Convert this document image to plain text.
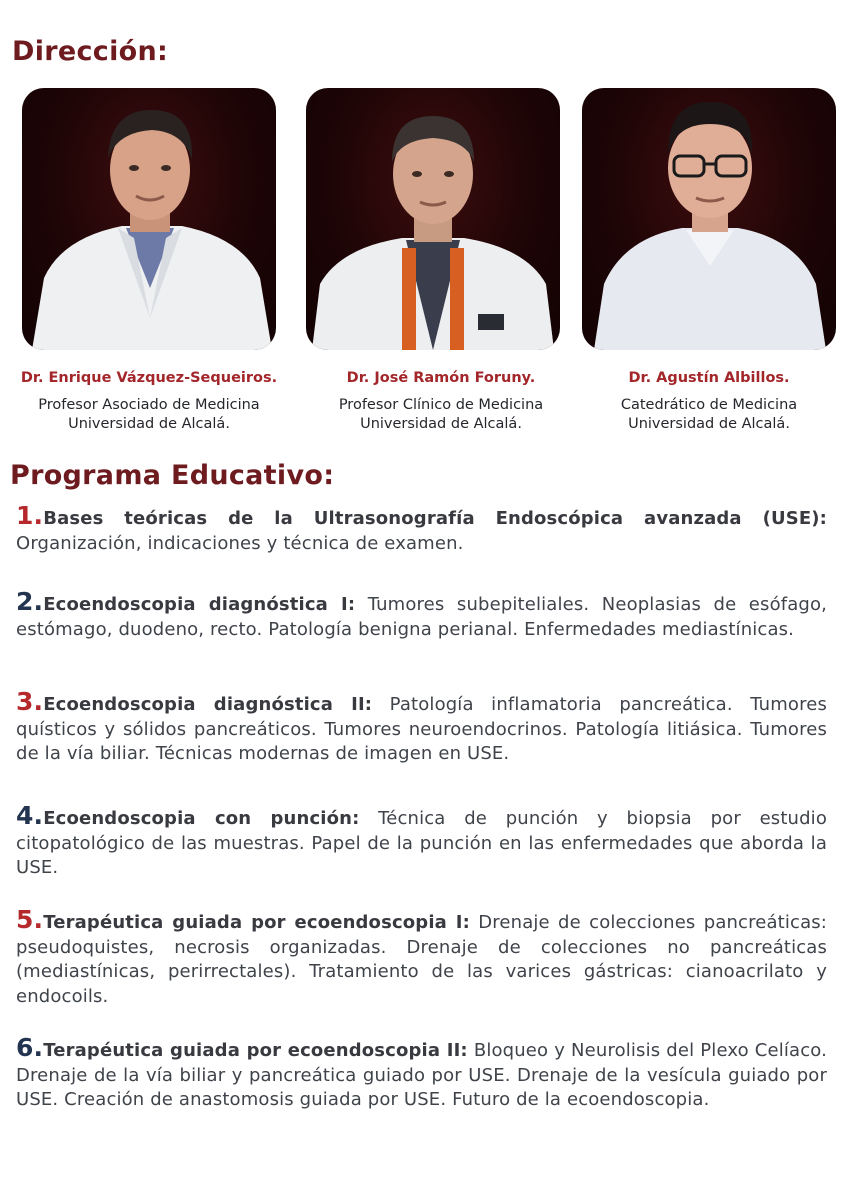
Dirección:
Dr. Enrique Vázquez-Sequeiros.
Profesor Asociado de Medicina
Universidad de Alcalá.
Dr. José Ramón Foruny.
Profesor Clínico de Medicina
Universidad de Alcalá.
Dr. Agustín Albillos.
Catedrático de Medicina
Universidad de Alcalá.
Programa Educativo:
1.Bases teóricas de la Ultrasonografía Endoscópica avanzada (USE): Organización, indicaciones y técnica de examen.
2.Ecoendoscopia diagnóstica I: Tumores subepiteliales. Neoplasias de esófago, estómago, duodeno, recto. Patología benigna perianal. Enfermedades mediastínicas.
3.Ecoendoscopia diagnóstica II: Patología inflamatoria pancreática. Tumores quísticos y sólidos pancreáticos. Tumores neuroendocrinos. Patología litiásica. Tumores de la vía biliar. Técnicas modernas de imagen en USE.
4.Ecoendoscopia con punción: Técnica de punción y biopsia por estudio citopatológico de las muestras. Papel de la punción en las enfermedades que aborda la USE.
5.Terapéutica guiada por ecoendoscopia I: Drenaje de colecciones pancreáticas: pseudoquistes, necrosis organizadas. Drenaje de colecciones no pancreáticas (mediastínicas, perirrectales). Tratamiento de las varices gástricas: cianoacrilato y endocoils.
6.Terapéutica guiada por ecoendoscopia II: Bloqueo y Neurolisis del Plexo Celíaco. Drenaje de la vía biliar y pancreática guiado por USE. Drenaje de la vesícula guiado por USE. Creación de anastomosis guiada por USE. Futuro de la ecoendoscopia.
